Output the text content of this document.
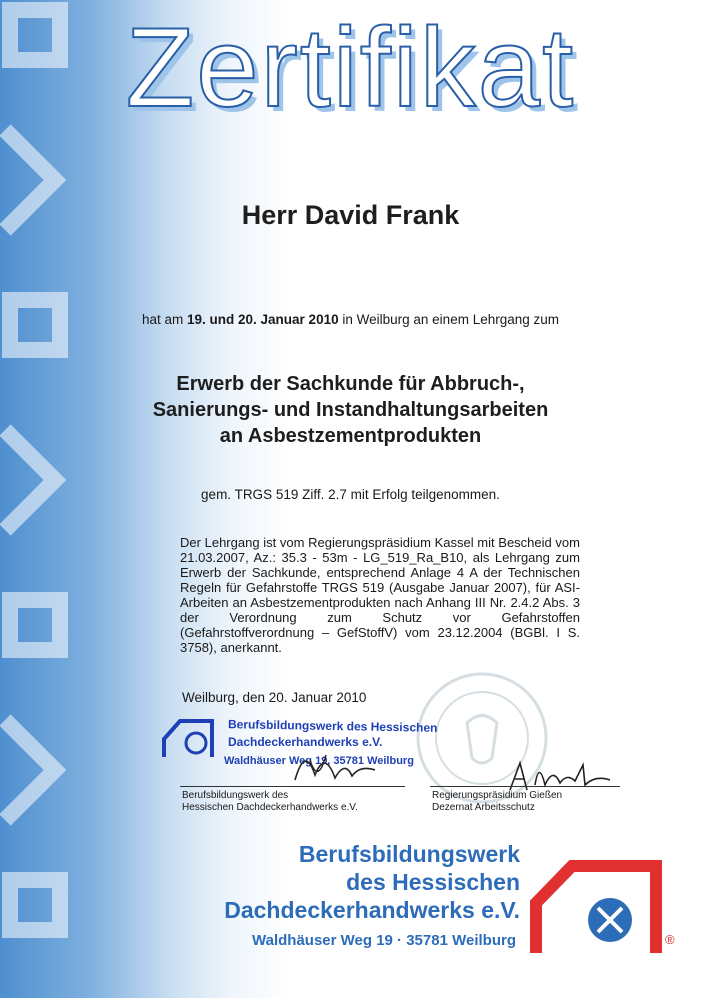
Zertifikat
Herr David Frank
hat am 19. und 20. Januar 2010 in Weilburg an einem Lehrgang zum
Erwerb der Sachkunde für Abbruch-,
Sanierungs- und Instandhaltungsarbeiten
an Asbestzementprodukten
gem. TRGS 519 Ziff. 2.7 mit Erfolg teilgenommen.
Der Lehrgang ist vom Regierungspräsidium Kassel mit Bescheid vom 21.03.2007, Az.: 35.3 - 53m - LG_519_Ra_B10, als Lehrgang zum Erwerb der Sachkunde, entsprechend Anlage 4 A der Technischen Regeln für Gefahrstoffe TRGS 519 (Ausgabe Januar 2007), für ASI-Arbeiten an Asbestzementprodukten nach Anhang III Nr. 2.4.2 Abs. 3 der Verordnung zum Schutz vor Gefahrstoffen (Gefahrstoffverordnung – GefStoffV) vom 23.12.2004 (BGBl. I S. 3758), anerkannt.
Weilburg, den 20. Januar 2010
Berufsbildungswerk des Hessischen
Dachdeckerhandwerks e.V.
Waldhäuser Weg 19, 35781 Weilburg
Berufsbildungswerk des
Hessischen Dachdeckerhandwerks e.V.
Regierungspräsidium Gießen
Dezernat Arbeitsschutz
Berufsbildungswerk
des Hessischen
Dachdeckerhandwerks e.V.
Waldhäuser Weg 19 · 35781 Weilburg	®
